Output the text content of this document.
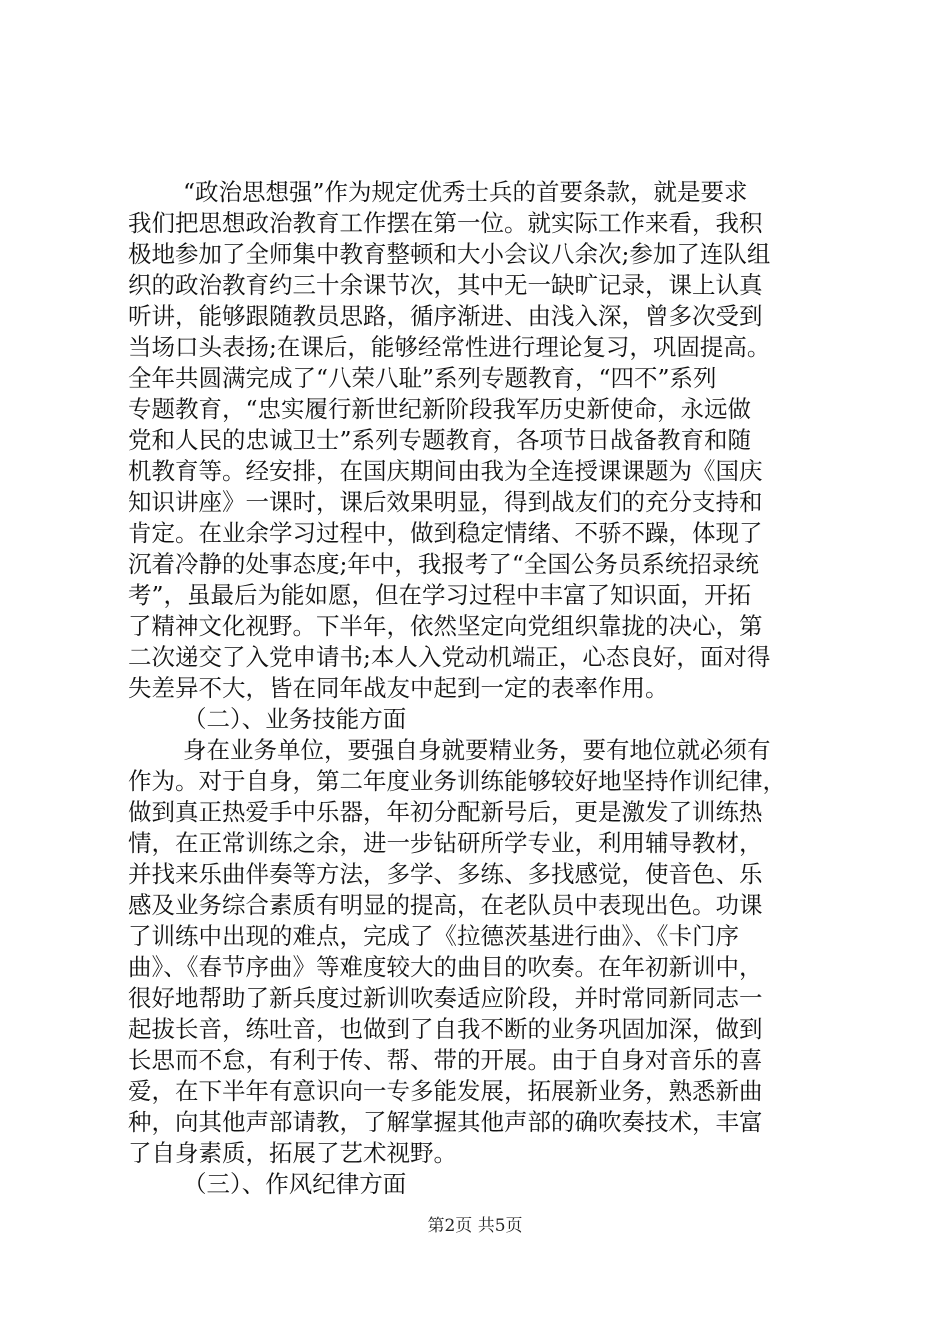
“政治思想强”作为规定优秀士兵的首要条款，就是要求
我们把思想政治教育工作摆在第一位。就实际工作来看，我积
极地参加了全师集中教育整顿和大小会议八余次;参加了连队组
织的政治教育约三十余课节次，其中无一缺旷记录，课上认真
听讲，能够跟随教员思路，循序渐进、由浅入深，曾多次受到
当场口头表扬;在课后，能够经常性进行理论复习，巩固提高。
全年共圆满完成了“八荣八耻”系列专题教育，“四不”系列
专题教育，“忠实履行新世纪新阶段我军历史新使命，永远做
党和人民的忠诚卫士”系列专题教育，各项节日战备教育和随
机教育等。经安排，在国庆期间由我为全连授课课题为《国庆
知识讲座》一课时，课后效果明显，得到战友们的充分支持和
肯定。在业余学习过程中，做到稳定情绪、不骄不躁，体现了
沉着冷静的处事态度;年中，我报考了“全国公务员系统招录统
考”，虽最后为能如愿，但在学习过程中丰富了知识面，开拓
了精神文化视野。下半年，依然坚定向党组织靠拢的决心，第
二次递交了入党申请书;本人入党动机端正，心态良好，面对得
失差异不大，皆在同年战友中起到一定的表率作用。
（二）、业务技能方面
身在业务单位，要强自身就要精业务，要有地位就必须有
作为。对于自身，第二年度业务训练能够较好地坚持作训纪律，
做到真正热爱手中乐器，年初分配新号后，更是激发了训练热
情，在正常训练之余，进一步钻研所学专业，利用辅导教材，
并找来乐曲伴奏等方法，多学、多练、多找感觉，使音色、乐
感及业务综合素质有明显的提高，在老队员中表现出色。功课
了训练中出现的难点，完成了《拉德茨基进行曲》、《卡门序
曲》、《春节序曲》等难度较大的曲目的吹奏。在年初新训中，
很好地帮助了新兵度过新训吹奏适应阶段，并时常同新同志一
起拔长音，练吐音，也做到了自我不断的业务巩固加深，做到
长思而不怠，有利于传、帮、带的开展。由于自身对音乐的喜
爱，在下半年有意识向一专多能发展，拓展新业务，熟悉新曲
种，向其他声部请教，了解掌握其他声部的确吹奏技术，丰富
了自身素质，拓展了艺术视野。
（三）、作风纪律方面
第2页 共5页
